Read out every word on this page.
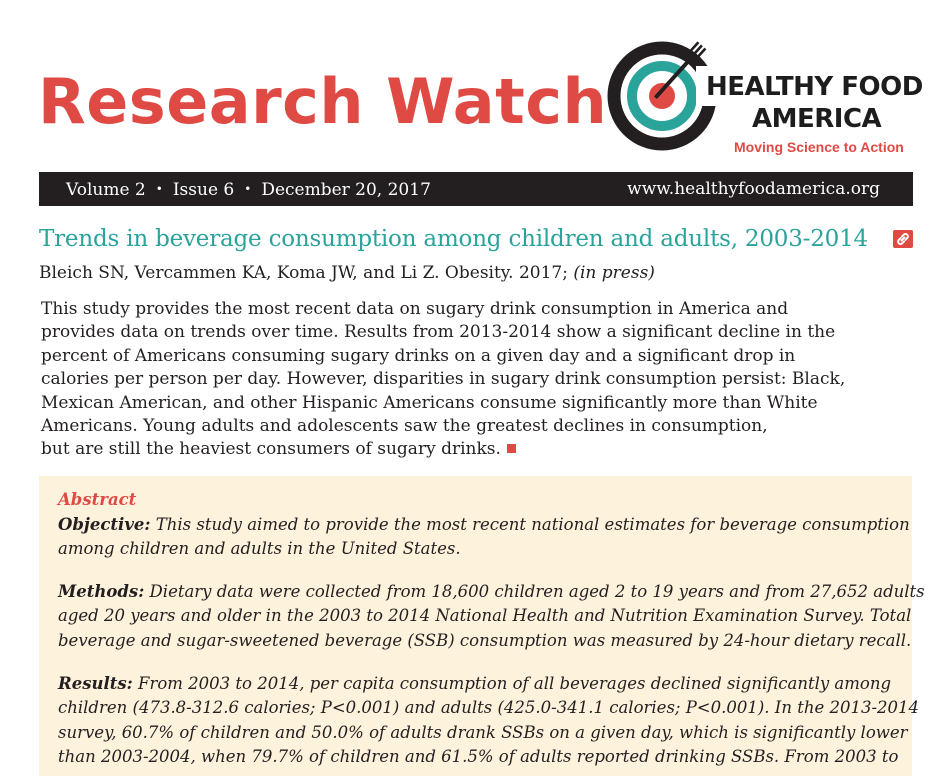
Research Watch	HEALTHY FOOD
AMERICA
Moving Science to Action
Volume 2 • Issue 6 • December 20, 2017	www.healthyfoodamerica.org
Trends in beverage consumption among children and adults, 2003-2014
Bleich SN, Vercammen KA, Koma JW, and Li Z. Obesity. 2017; (in press)

This study provides the most recent data on sugary drink consumption in America and

provides data on trends over time. Results from 2013-2014 show a significant decline in the

percent of Americans consuming sugary drinks on a given day and a significant drop in

calories per person per day. However, disparities in sugary drink consumption persist: Black,

Mexican American, and other Hispanic Americans consume significantly more than White

Americans. Young adults and adolescents saw the greatest declines in consumption,

but are still the heaviest consumers of sugary drinks.

Abstract

Objective: This study aimed to provide the most recent national estimates for beverage consumption
among children and adults in the United States.

Methods: Dietary data were collected from 18,600 children aged 2 to 19 years and from 27,652 adults
aged 20 years and older in the 2003 to 2014 National Health and Nutrition Examination Survey. Total
beverage and sugar-sweetened beverage (SSB) consumption was measured by 24-hour dietary recall.

Results: From 2003 to 2014, per capita consumption of all beverages declined significantly among
children (473.8-312.6 calories; P<0.001) and adults (425.0-341.1 calories; P<0.001). In the 2013-2014
survey, 60.7% of children and 50.0% of adults drank SSBs on a given day, which is significantly lower
than 2003-2004, when 79.7% of children and 61.5% of adults reported drinking SSBs. From 2003 to
